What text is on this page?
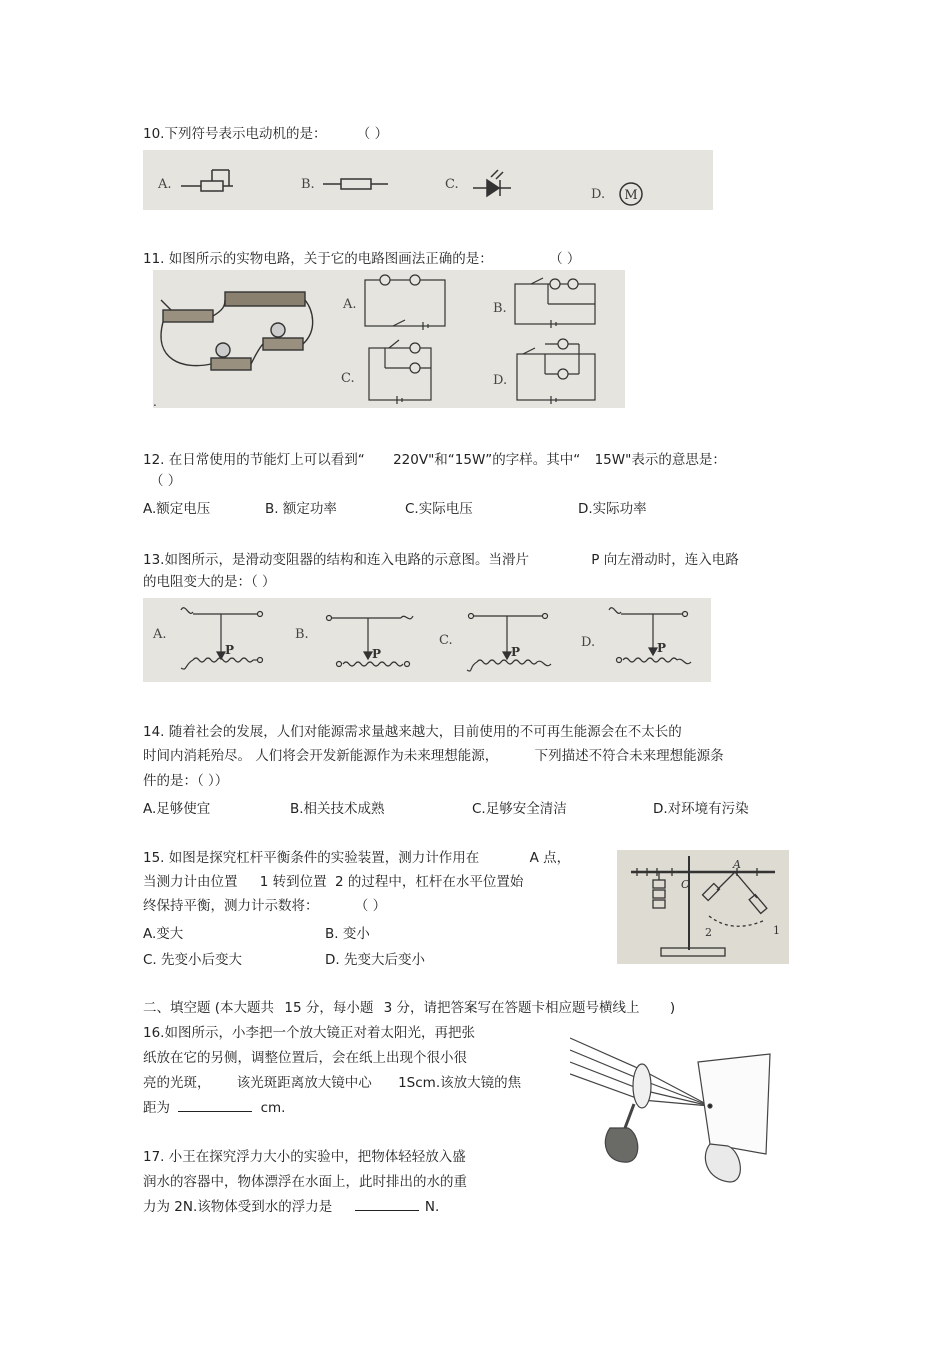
10.下列符号表示电动机的是： （ ）
A.	B.	C.
D. M
11. 如图所示的实物电路，关于它的电路图画法正确的是：	（ ）
.
A.	B.
C.	D.
12. 在日常使用的节能灯上可以看到“ 220V"和“15W”的字样。其中“ 15W"表示的意思是：
（ ）
A.额定电压	B. 额定功率	C.实际电压	D.实际功率
13.如图所示，是滑动变阻器的结构和连入电路的示意图。当滑片	P 向左滑动时，连入电路
的电阻变大的是：（ ）
A.
P
B.
P
C.
P
D.	P
14. 随着社会的发展，人们对能源需求量越来越大，目前使用的不可再生能源会在不太长的
时间内消耗殆尽。 人们将会开发新能源作为未来理想能源，	下列描述不符合未来理想能源条
件的是：（ ））
A.足够使宜	B.相关技术成熟	C.足够安全清洁	D.对环境有污染
15. 如图是探究杠杆平衡条件的实验装置，测力计作用在	A 点，
当测力计由位置 1 转到位置 2 的过程中，杠杆在水平位置始
终保持平衡，测力计示数将：	（ ）
A.变大	B. 变小
C. 先变小后变大	D. 先变大后变小
A
O
2	1
二、填空题 (本大题共 15 分，每小题 3 分，请把答案写在答题卡相应题号横线上 )
16.如图所示，小李把一个放大镜正对着太阳光，再把张
纸放在它的另侧，调整位置后，会在纸上出现个很小很
亮的光斑， 该光斑距离放大镜中心 1Scm.该放大镜的焦
距为	cm.
17. 小王在探究浮力大小的实验中，把物体轻轻放入盛
润水的容器中，物体漂浮在水面上，此时排出的水的重
力为 2N.该物体受到水的浮力是	N.
